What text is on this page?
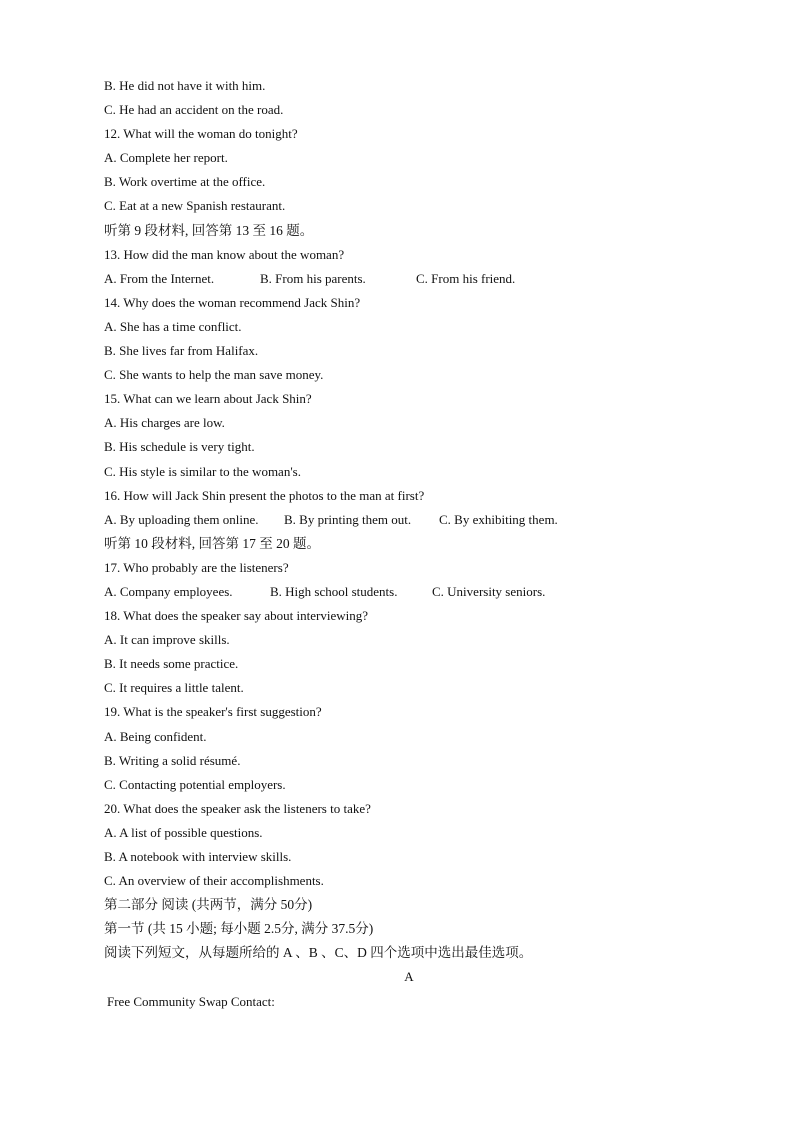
B. He did not have it with him.
C. He had an accident on the road.
12. What will the woman do tonight?
A. Complete her report.
B. Work overtime at the office.
C. Eat at a new Spanish restaurant.
听第 9 段材料, 回答第 13 至 16 题。
13. How did the man know about the woman?
A. From the Internet.	B. From his parents.	C. From his friend.
14. Why does the woman recommend Jack Shin?
A. She has a time conflict.
B. She lives far from Halifax.
C. She wants to help the man save money.
15. What can we learn about Jack Shin?
A. His charges are low.
B. His schedule is very tight.
C. His style is similar to the woman's.
16. How will Jack Shin present the photos to the man at first?
A. By uploading them online. B. By printing them out. C. By exhibiting them.
听第 10 段材料, 回答第 17 至 20 题。
17. Who probably are the listeners?
A. Company employees.	B. High school students.	C. University seniors.
18. What does the speaker say about interviewing?
A. It can improve skills.
B. It needs some practice.
C. It requires a little talent.
19. What is the speaker's first suggestion?
A. Being confident.
B. Writing a solid résumé.
C. Contacting potential employers.
20. What does the speaker ask the listeners to take?
A. A list of possible questions.
B. A notebook with interview skills.
C. An overview of their accomplishments.
第二部分 阅读 (共两节，满分 50分)
第一节 (共 15 小题; 每小题 2.5分, 满分 37.5分)
阅读下列短文，从每题所给的 A 、B 、C、D 四个选项中选出最佳选项。
A
Free Community Swap Contact:
